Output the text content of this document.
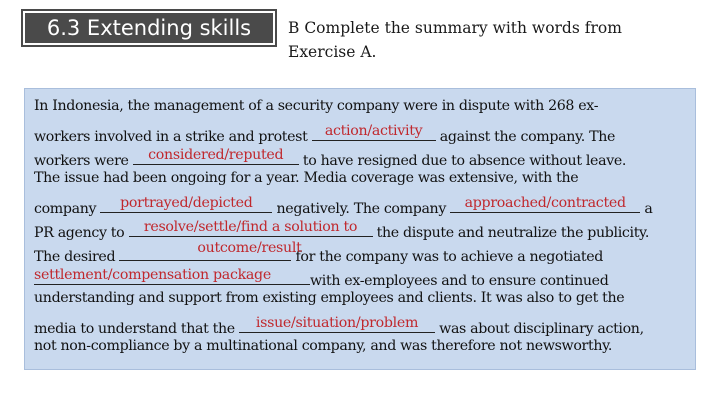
6.3 Extending skills	B Complete the summary with words from
Exercise A.
In Indonesia, the management of a security company were in dispute with 268 ex-
workers involved in a strike and protest action/activity against the company. The
workers were	considered/reputed	to have resigned due to absence without leave.
The issue had been ongoing for a year. Media coverage was extensive, with the
company	portrayed/depicted	negatively. The company	approached/contracted	a
PR agency to	resolve/settle/find a solution to	the dispute and neutralize the publicity.
The desired
outcome/result
for the company was to achieve a negotiated
settlement/compensation package	with ex-employees and to ensure continued
understanding and support from existing employees and clients. It was also to get the
media to understand that the	issue/situation/problem	was about disciplinary action,
not non-compliance by a multinational company, and was therefore not newsworthy.
